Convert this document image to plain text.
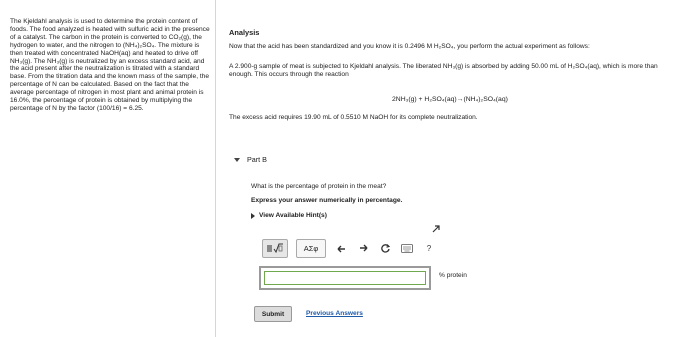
The Kjeldahl analysis is used to determine the protein content of foods. The food analyzed is heated with sulfuric acid in the presence of a catalyst. The carbon in the protein is converted to CO₂(g), the hydrogen to water, and the nitrogen to (NH₄)₂SO₄. The mixture is then treated with concentrated NaOH(aq) and heated to drive off NH₃(g). The NH₃(g) is neutralized by an excess standard acid, and the acid present after the neutralization is titrated with a standard base. From the titration data and the known mass of the sample, the percentage of N can be calculated. Based on the fact that the average percentage of nitrogen in most plant and animal protein is 16.0%, the percentage of protein is obtained by multiplying the percentage of N by the factor (100/16) = 6.25.
Analysis
Now that the acid has been standardized and you know it is 0.2496 M H₂SO₄, you perform the actual experiment as follows:
A 2.900-g sample of meat is subjected to Kjeldahl analysis. The liberated NH₃(g) is absorbed by adding 50.00 mL of H₂SO₄(aq), which is more than enough. This occurs through the reaction
2NH₃(g) + H₂SO₄(aq)→(NH₄)₂SO₄(aq)
The excess acid requires 19.90 mL of 0.5510 M NaOH for its complete neutralization.
Part B
What is the percentage of protein in the meat?
Express your answer numerically in percentage.
View Available Hint(s)
ΑΣφ	?
% protein
Submit	Previous Answers
